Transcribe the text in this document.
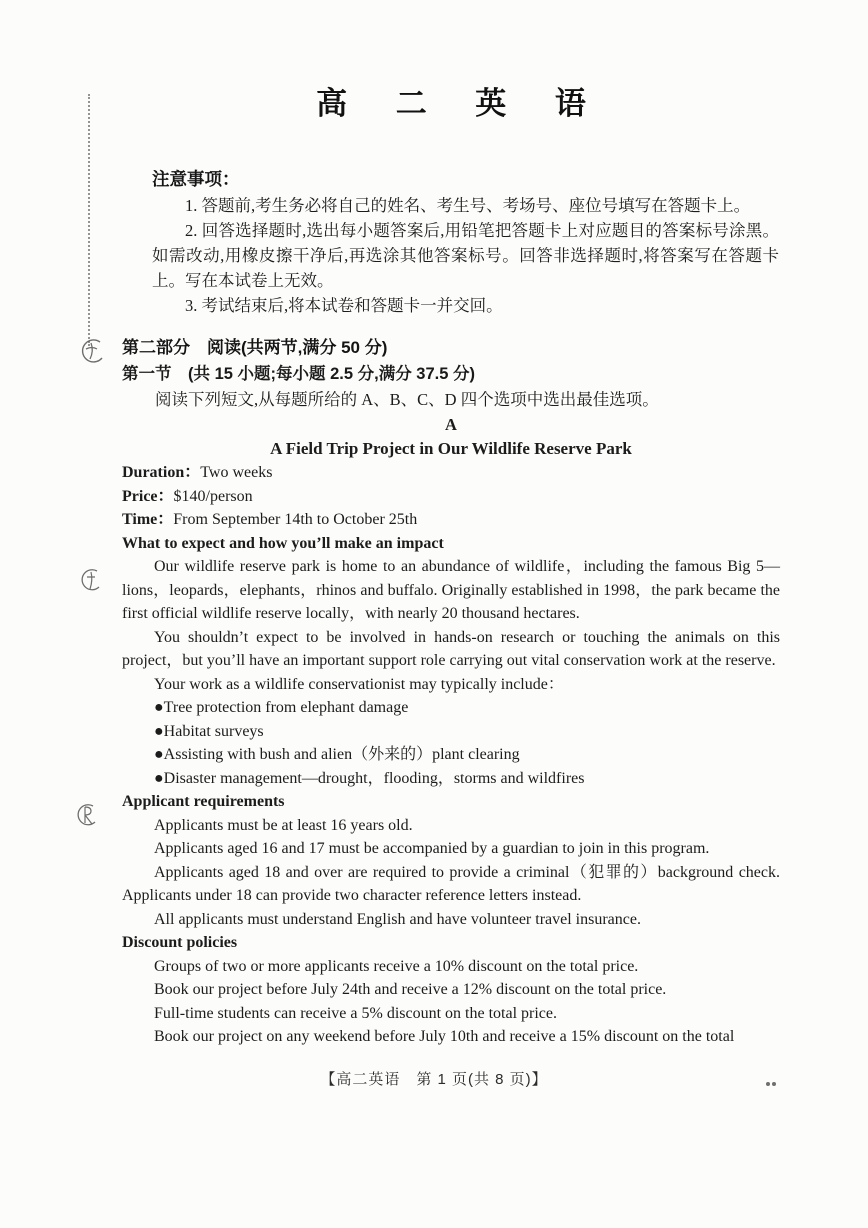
高 二 英 语
注意事项：
1. 答题前,考生务必将自己的姓名、考生号、考场号、座位号填写在答题卡上。
2. 回答选择题时,选出每小题答案后,用铅笔把答题卡上对应题目的答案标号涂黑。如需改动,用橡皮擦干净后,再选涂其他答案标号。回答非选择题时,将答案写在答题卡上。写在本试卷上无效。
3. 考试结束后,将本试卷和答题卡一并交回。
第二部分　阅读(共两节,满分 50 分)
第一节　(共 15 小题;每小题 2.5 分,满分 37.5 分)
阅读下列短文,从每题所给的 A、B、C、D 四个选项中选出最佳选项。
A
A Field Trip Project in Our Wildlife Reserve Park
Duration：Two weeks
Price：$140/person
Time：From September 14th to October 25th
What to expect and how you’ll make an impact
Our wildlife reserve park is home to an abundance of wildlife，including the famous Big 5—lions，leopards，elephants，rhinos and buffalo. Originally established in 1998，the park became the first official wildlife reserve locally，with nearly 20 thousand hectares.
You shouldn’t expect to be involved in hands-on research or touching the animals on this project，but you’ll have an important support role carrying out vital conservation work at the reserve.
Your work as a wildlife conservationist may typically include：
●Tree protection from elephant damage
●Habitat surveys
●Assisting with bush and alien（外来的）plant clearing
●Disaster management—drought，flooding，storms and wildfires
Applicant requirements
Applicants must be at least 16 years old.
Applicants aged 16 and 17 must be accompanied by a guardian to join in this program.
Applicants aged 18 and over are required to provide a criminal（犯罪的）background check. Applicants under 18 can provide two character reference letters instead.
All applicants must understand English and have volunteer travel insurance.
Discount policies
Groups of two or more applicants receive a 10% discount on the total price.
Book our project before July 24th and receive a 12% discount on the total price.
Full-time students can receive a 5% discount on the total price.
Book our project on any weekend before July 10th and receive a 15% discount on the total
【高二英语　第 1 页(共 8 页)】
